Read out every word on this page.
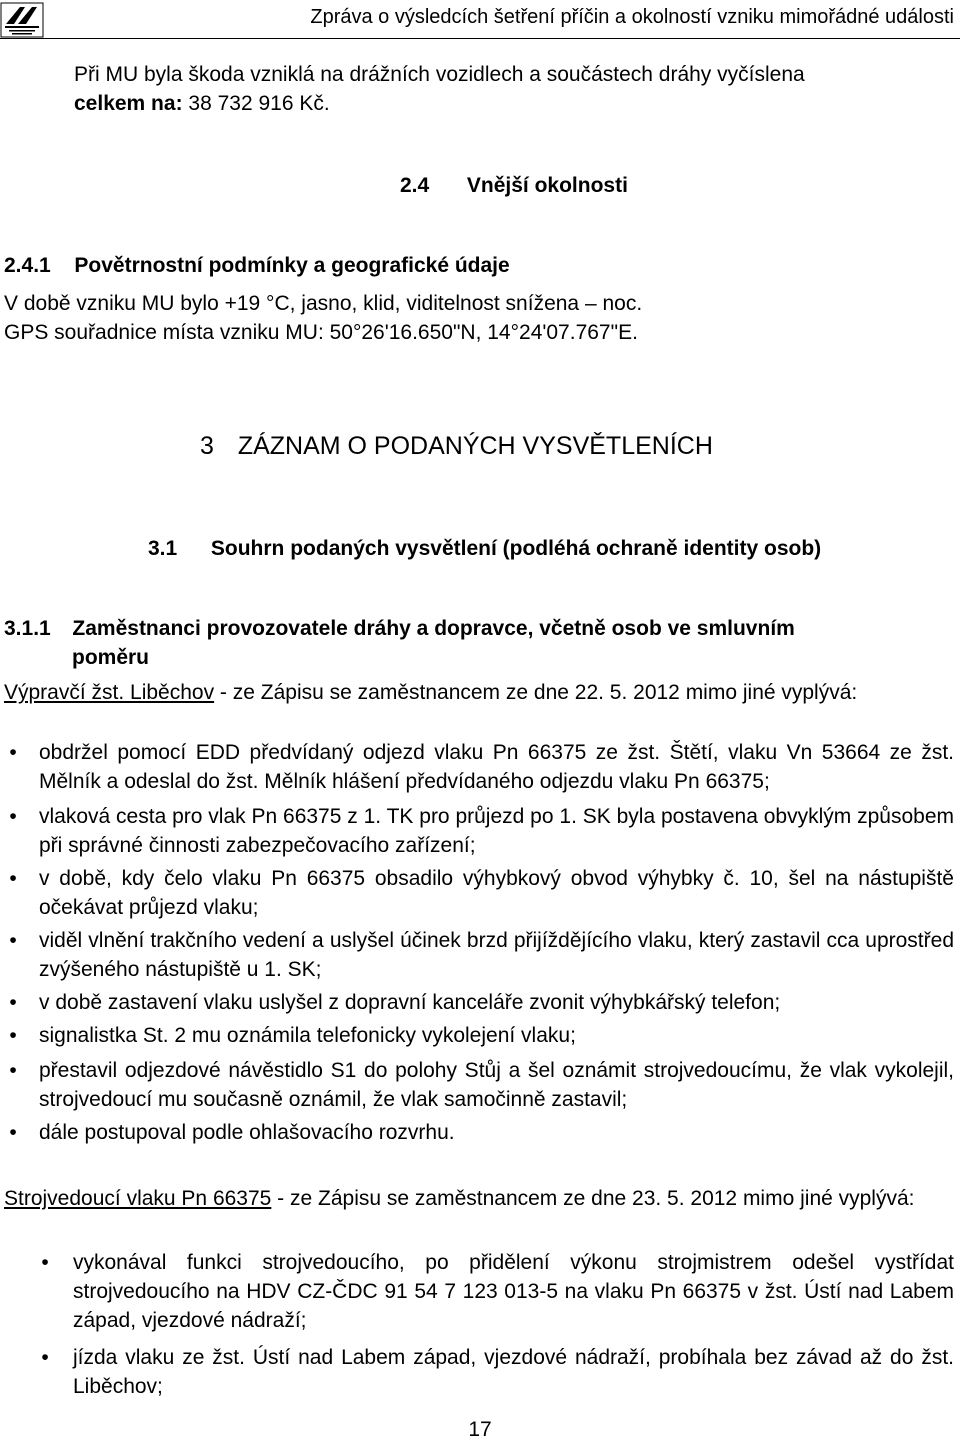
Zpráva o výsledcích šetření příčin a okolností vzniku mimořádné události
Při MU byla škoda vzniklá na drážních vozidlech a součástech dráhy vyčíslena
celkem na: 38 732 916 Kč.
2.4 Vnější okolnosti
2.4.1 Povětrnostní podmínky a geografické údaje
V době vzniku MU bylo +19 °C, jasno, klid, viditelnost snížena – noc.
GPS souřadnice místa vzniku MU: 50°26'16.650"N, 14°24'07.767"E.
3 ZÁZNAM O PODANÝCH VYSVĚTLENÍCH
3.1 Souhrn podaných vysvětlení (podléhá ochraně identity osob)
3.1.1 Zaměstnanci provozovatele dráhy a dopravce, včetně osob ve smluvním
poměru
Výpravčí žst. Liběchov - ze Zápisu se zaměstnancem ze dne 22. 5. 2012 mimo jiné vyplývá:
• obdržel pomocí EDD předvídaný odjezd vlaku Pn 66375 ze žst. Štětí, vlaku Vn 53664 ze žst. Mělník a odeslal do žst. Mělník hlášení předvídaného odjezdu vlaku Pn 66375;
• vlaková cesta pro vlak Pn 66375 z 1. TK pro průjezd po 1. SK byla postavena obvyklým způsobem při správné činnosti zabezpečovacího zařízení;
• v době, kdy čelo vlaku Pn 66375 obsadilo výhybkový obvod výhybky č. 10, šel na nástupiště očekávat průjezd vlaku;
• viděl vlnění trakčního vedení a uslyšel účinek brzd přijíždějícího vlaku, který zastavil cca uprostřed zvýšeného nástupiště u 1. SK;
• v době zastavení vlaku uslyšel z dopravní kanceláře zvonit výhybkářský telefon;
• signalistka St. 2 mu oznámila telefonicky vykolejení vlaku;
• přestavil odjezdové návěstidlo S1 do polohy Stůj a šel oznámit strojvedoucímu, že vlak vykolejil, strojvedoucí mu současně oznámil, že vlak samočinně zastavil;
• dále postupoval podle ohlašovacího rozvrhu.
Strojvedoucí vlaku Pn 66375 - ze Zápisu se zaměstnancem ze dne 23. 5. 2012 mimo jiné vyplývá:
• vykonával funkci strojvedoucího, po přidělení výkonu strojmistrem odešel vystřídat strojvedoucího na HDV CZ-ČDC 91 54 7 123 013-5 na vlaku Pn 66375 v žst. Ústí nad Labem západ, vjezdové nádraží;
• jízda vlaku ze žst. Ústí nad Labem západ, vjezdové nádraží, probíhala bez závad až do žst. Liběchov;
17
